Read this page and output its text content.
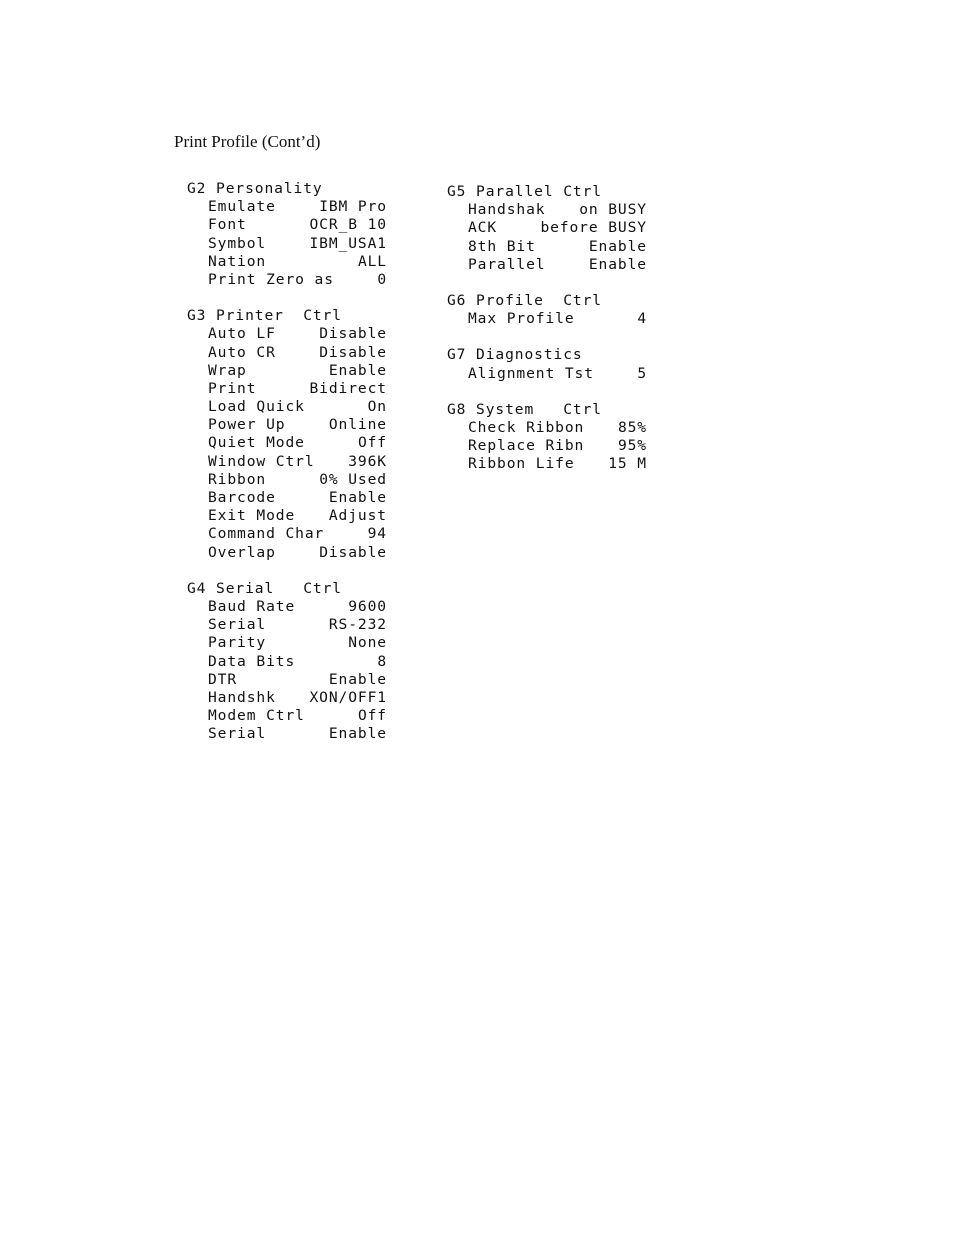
Print Profile (Cont’d)
G2 Personality
Emulate	IBM Pro
Font	OCR_B 10
Symbol	IBM_USA1
Nation	ALL
Print Zero as	0
G3 Printer  Ctrl
Auto LF	Disable
Auto CR	Disable
Wrap	Enable
Print	Bidirect
Load Quick	On
Power Up	Online
Quiet Mode	Off
Window Ctrl 396K
Ribbon	0% Used
Barcode	Enable
Exit Mode Adjust
Command Char	94
Overlap	Disable
G4 Serial   Ctrl
Baud Rate	9600
Serial	RS-232
Parity	None
Data Bits	8
DTR	Enable
Handshk XON/OFF1
Modem Ctrl	Off
Serial	Enable
G5 Parallel Ctrl
Handshak on BUSY
ACK	before BUSY
8th Bit	Enable
Parallel	Enable
G6 Profile  Ctrl
Max Profile	4
G7 Diagnostics
Alignment Tst	5
G8 System   Ctrl
Check Ribbon 85%
Replace Ribn 95%
Ribbon Life 15 M
